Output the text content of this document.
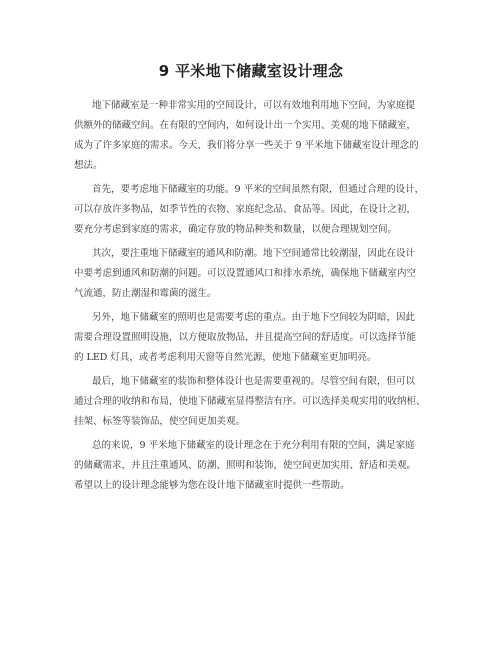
9 平米地下储藏室设计理念

地下储藏室是一种非常实用的空间设计，可以有效地利用地下空间，为家庭提
供额外的储藏空间。在有限的空间内，如何设计出一个实用、美观的地下储藏室，
成为了许多家庭的需求。今天，我们将分享一些关于 9 平米地下储藏室设计理念的
想法。

首先，要考虑地下储藏室的功能。9 平米的空间虽然有限，但通过合理的设计，
可以存放许多物品，如季节性的衣物、家庭纪念品、食品等。因此，在设计之初，
要充分考虑到家庭的需求，确定存放的物品种类和数量，以便合理规划空间。

其次，要注重地下储藏室的通风和防潮。地下空间通常比较潮湿，因此在设计
中要考虑到通风和防潮的问题。可以设置通风口和排水系统，确保地下储藏室内空
气流通，防止潮湿和霉菌的滋生。

另外，地下储藏室的照明也是需要考虑的重点。由于地下空间较为阴暗，因此
需要合理设置照明设施，以方便取放物品，并且提高空间的舒适度。可以选择节能
的 LED 灯具，或者考虑利用天窗等自然光源，使地下储藏室更加明亮。

最后，地下储藏室的装饰和整体设计也是需要重视的。尽管空间有限，但可以
通过合理的收纳和布局，使地下储藏室显得整洁有序。可以选择美观实用的收纳柜、
挂架、标签等装饰品，使空间更加美观。

总的来说，9 平米地下储藏室的设计理念在于充分利用有限的空间，满足家庭
的储藏需求，并且注重通风、防潮、照明和装饰，使空间更加实用、舒适和美观。
希望以上的设计理念能够为您在设计地下储藏室时提供一些帮助。
